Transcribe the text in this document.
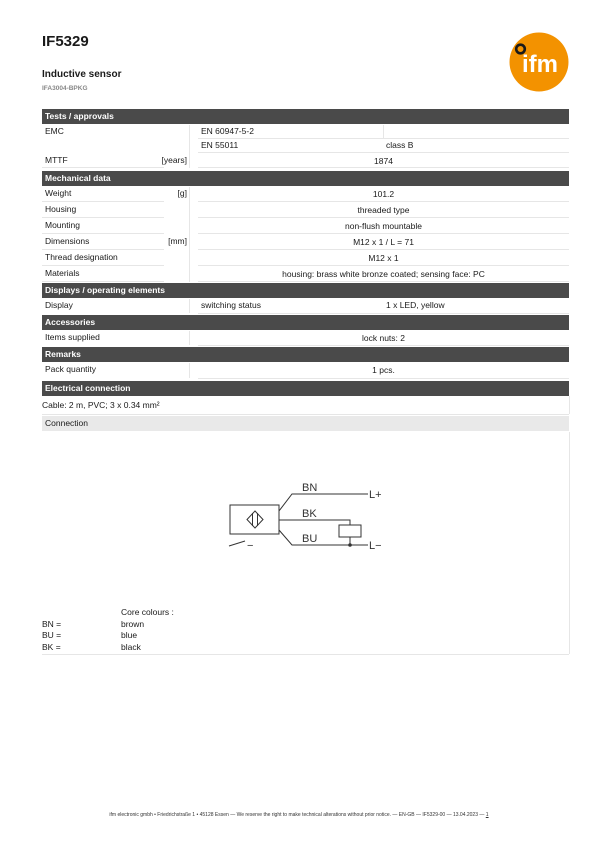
IF5329
Inductive sensor
IFA3004-BPKG
ifm
Tests / approvals
EMC	EN 60947-5-2
EN 55011	class B
MTTF	[years]	1874
Mechanical data
Weight	[g]	101.2
Housing	threaded type
Mounting	non-flush mountable
Dimensions	[mm]	M12 x 1 / L = 71
Thread designation	M12 x 1
Materials	housing: brass white bronze coated; sensing face: PC
Displays / operating elements
Display	switching status	1 x LED, yellow
Accessories
Items supplied	lock nuts: 2
Remarks
Pack quantity	1 pcs.
Electrical connection
Cable: 2 m, PVC; 3 x 0.34 mm²
Connection
BN
BK
BU
L+
L−
−
Core colours :
BN =	brown
BU =	blue
BK =	black
ifm electronic gmbh • Friedrichstraße 1 • 45128 Essen — We reserve the right to make technical alterations without prior notice. — EN-GB — IF5329-00 — 13.04.2023 — 1
